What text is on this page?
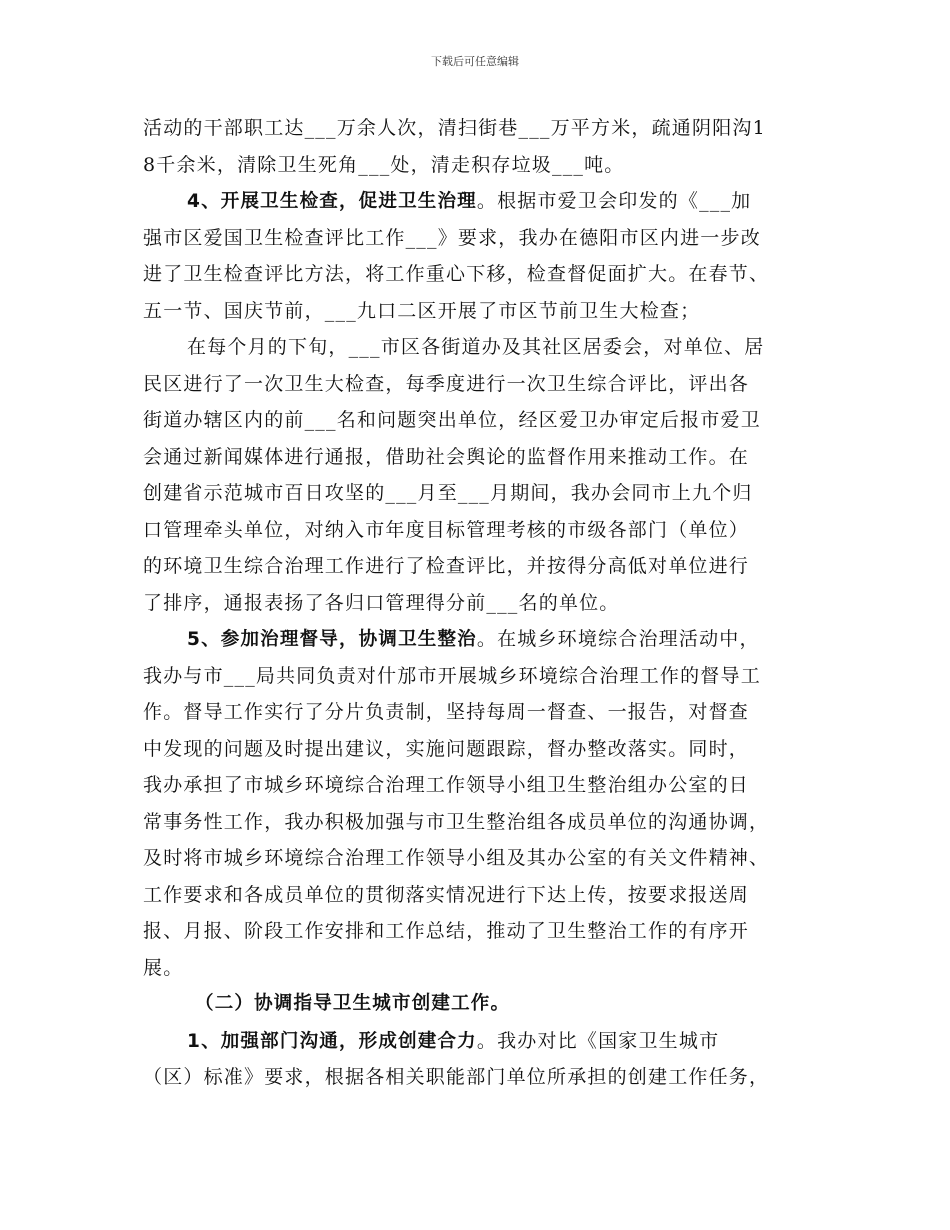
下载后可任意编辑
活动的干部职工达___万余人次，清扫街巷___万平方米，疏通阴阳沟1
8千余米，清除卫生死角___处，清走积存垃圾___吨。
4、开展卫生检查，促进卫生治理。根据市爱卫会印发的《___加
强市区爱国卫生检查评比工作___》要求，我办在德阳市区内进一步改
进了卫生检查评比方法，将工作重心下移，检查督促面扩大。在春节、
五一节、国庆节前，___九口二区开展了市区节前卫生大检查；
在每个月的下旬，___市区各街道办及其社区居委会，对单位、居
民区进行了一次卫生大检查，每季度进行一次卫生综合评比，评出各
街道办辖区内的前___名和问题突出单位，经区爱卫办审定后报市爱卫
会通过新闻媒体进行通报，借助社会舆论的监督作用来推动工作。在
创建省示范城市百日攻坚的___月至___月期间，我办会同市上九个归
口管理牵头单位，对纳入市年度目标管理考核的市级各部门（单位）
的环境卫生综合治理工作进行了检查评比，并按得分高低对单位进行
了排序，通报表扬了各归口管理得分前___名的单位。
5、参加治理督导，协调卫生整治。在城乡环境综合治理活动中，
我办与市___局共同负责对什邡市开展城乡环境综合治理工作的督导工
作。督导工作实行了分片负责制，坚持每周一督查、一报告，对督查
中发现的问题及时提出建议，实施问题跟踪，督办整改落实。同时，
我办承担了市城乡环境综合治理工作领导小组卫生整治组办公室的日
常事务性工作，我办积极加强与市卫生整治组各成员单位的沟通协调，
及时将市城乡环境综合治理工作领导小组及其办公室的有关文件精神、
工作要求和各成员单位的贯彻落实情况进行下达上传，按要求报送周
报、月报、阶段工作安排和工作总结，推动了卫生整治工作的有序开
展。
（二）协调指导卫生城市创建工作。
1、加强部门沟通，形成创建合力。我办对比《国家卫生城市
（区）标准》要求，根据各相关职能部门单位所承担的创建工作任务，
